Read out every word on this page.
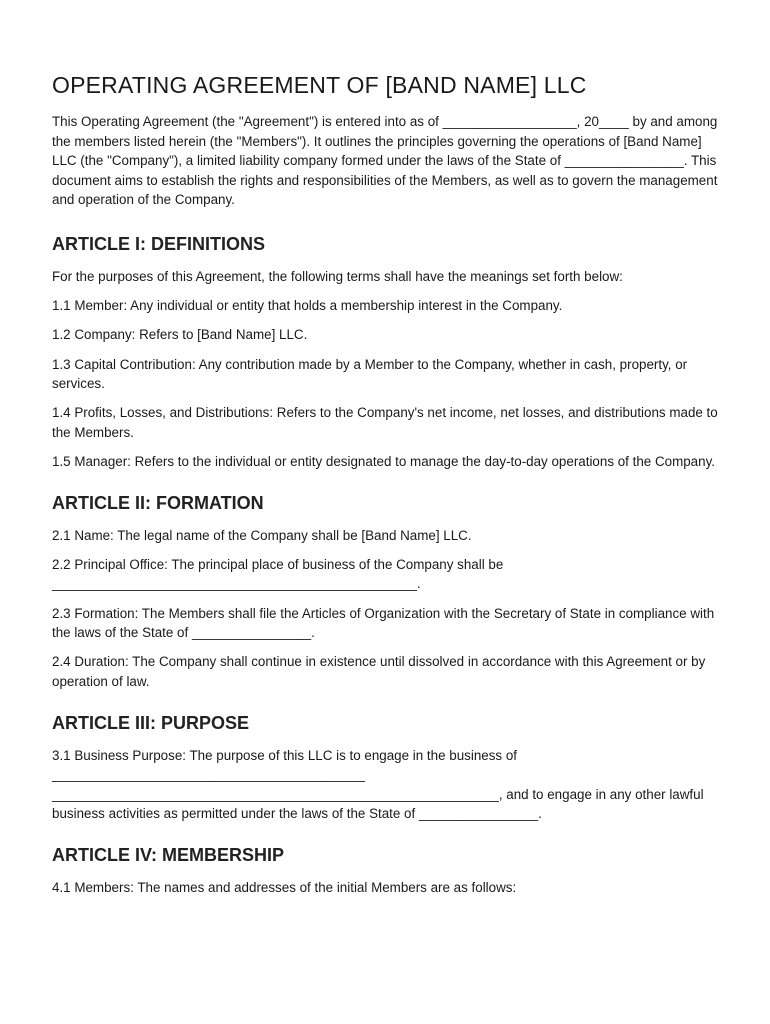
OPERATING AGREEMENT OF [BAND NAME] LLC

This Operating Agreement (the "Agreement") is entered into as of __________________, 20____ by and among the members listed herein (the "Members"). It outlines the principles governing the operations of [Band Name] LLC (the "Company"), a limited liability company formed under the laws of the State of ________________. This document aims to establish the rights and responsibilities of the Members, as well as to govern the management and operation of the Company.

ARTICLE I: DEFINITIONS

For the purposes of this Agreement, the following terms shall have the meanings set forth below:

1.1 Member: Any individual or entity that holds a membership interest in the Company.

1.2 Company: Refers to [Band Name] LLC.

1.3 Capital Contribution: Any contribution made by a Member to the Company, whether in cash, property, or services.

1.4 Profits, Losses, and Distributions: Refers to the Company's net income, net losses, and distributions made to the Members.

1.5 Manager: Refers to the individual or entity designated to manage the day-to-day operations of the Company.

ARTICLE II: FORMATION

2.1 Name: The legal name of the Company shall be [Band Name] LLC.

2.2 Principal Office: The principal place of business of the Company shall be _________________________________________________.

2.3 Formation: The Members shall file the Articles of Organization with the Secretary of State in compliance with the laws of the State of ________________.

2.4 Duration: The Company shall continue in existence until dissolved in accordance with this Agreement or by operation of law.

ARTICLE III: PURPOSE

3.1 Business Purpose: The purpose of this LLC is to engage in the business of __________________________________________ ____________________________________________________________, and to engage in any other lawful business activities as permitted under the laws of the State of ________________.

ARTICLE IV: MEMBERSHIP

4.1 Members: The names and addresses of the initial Members are as follows:
